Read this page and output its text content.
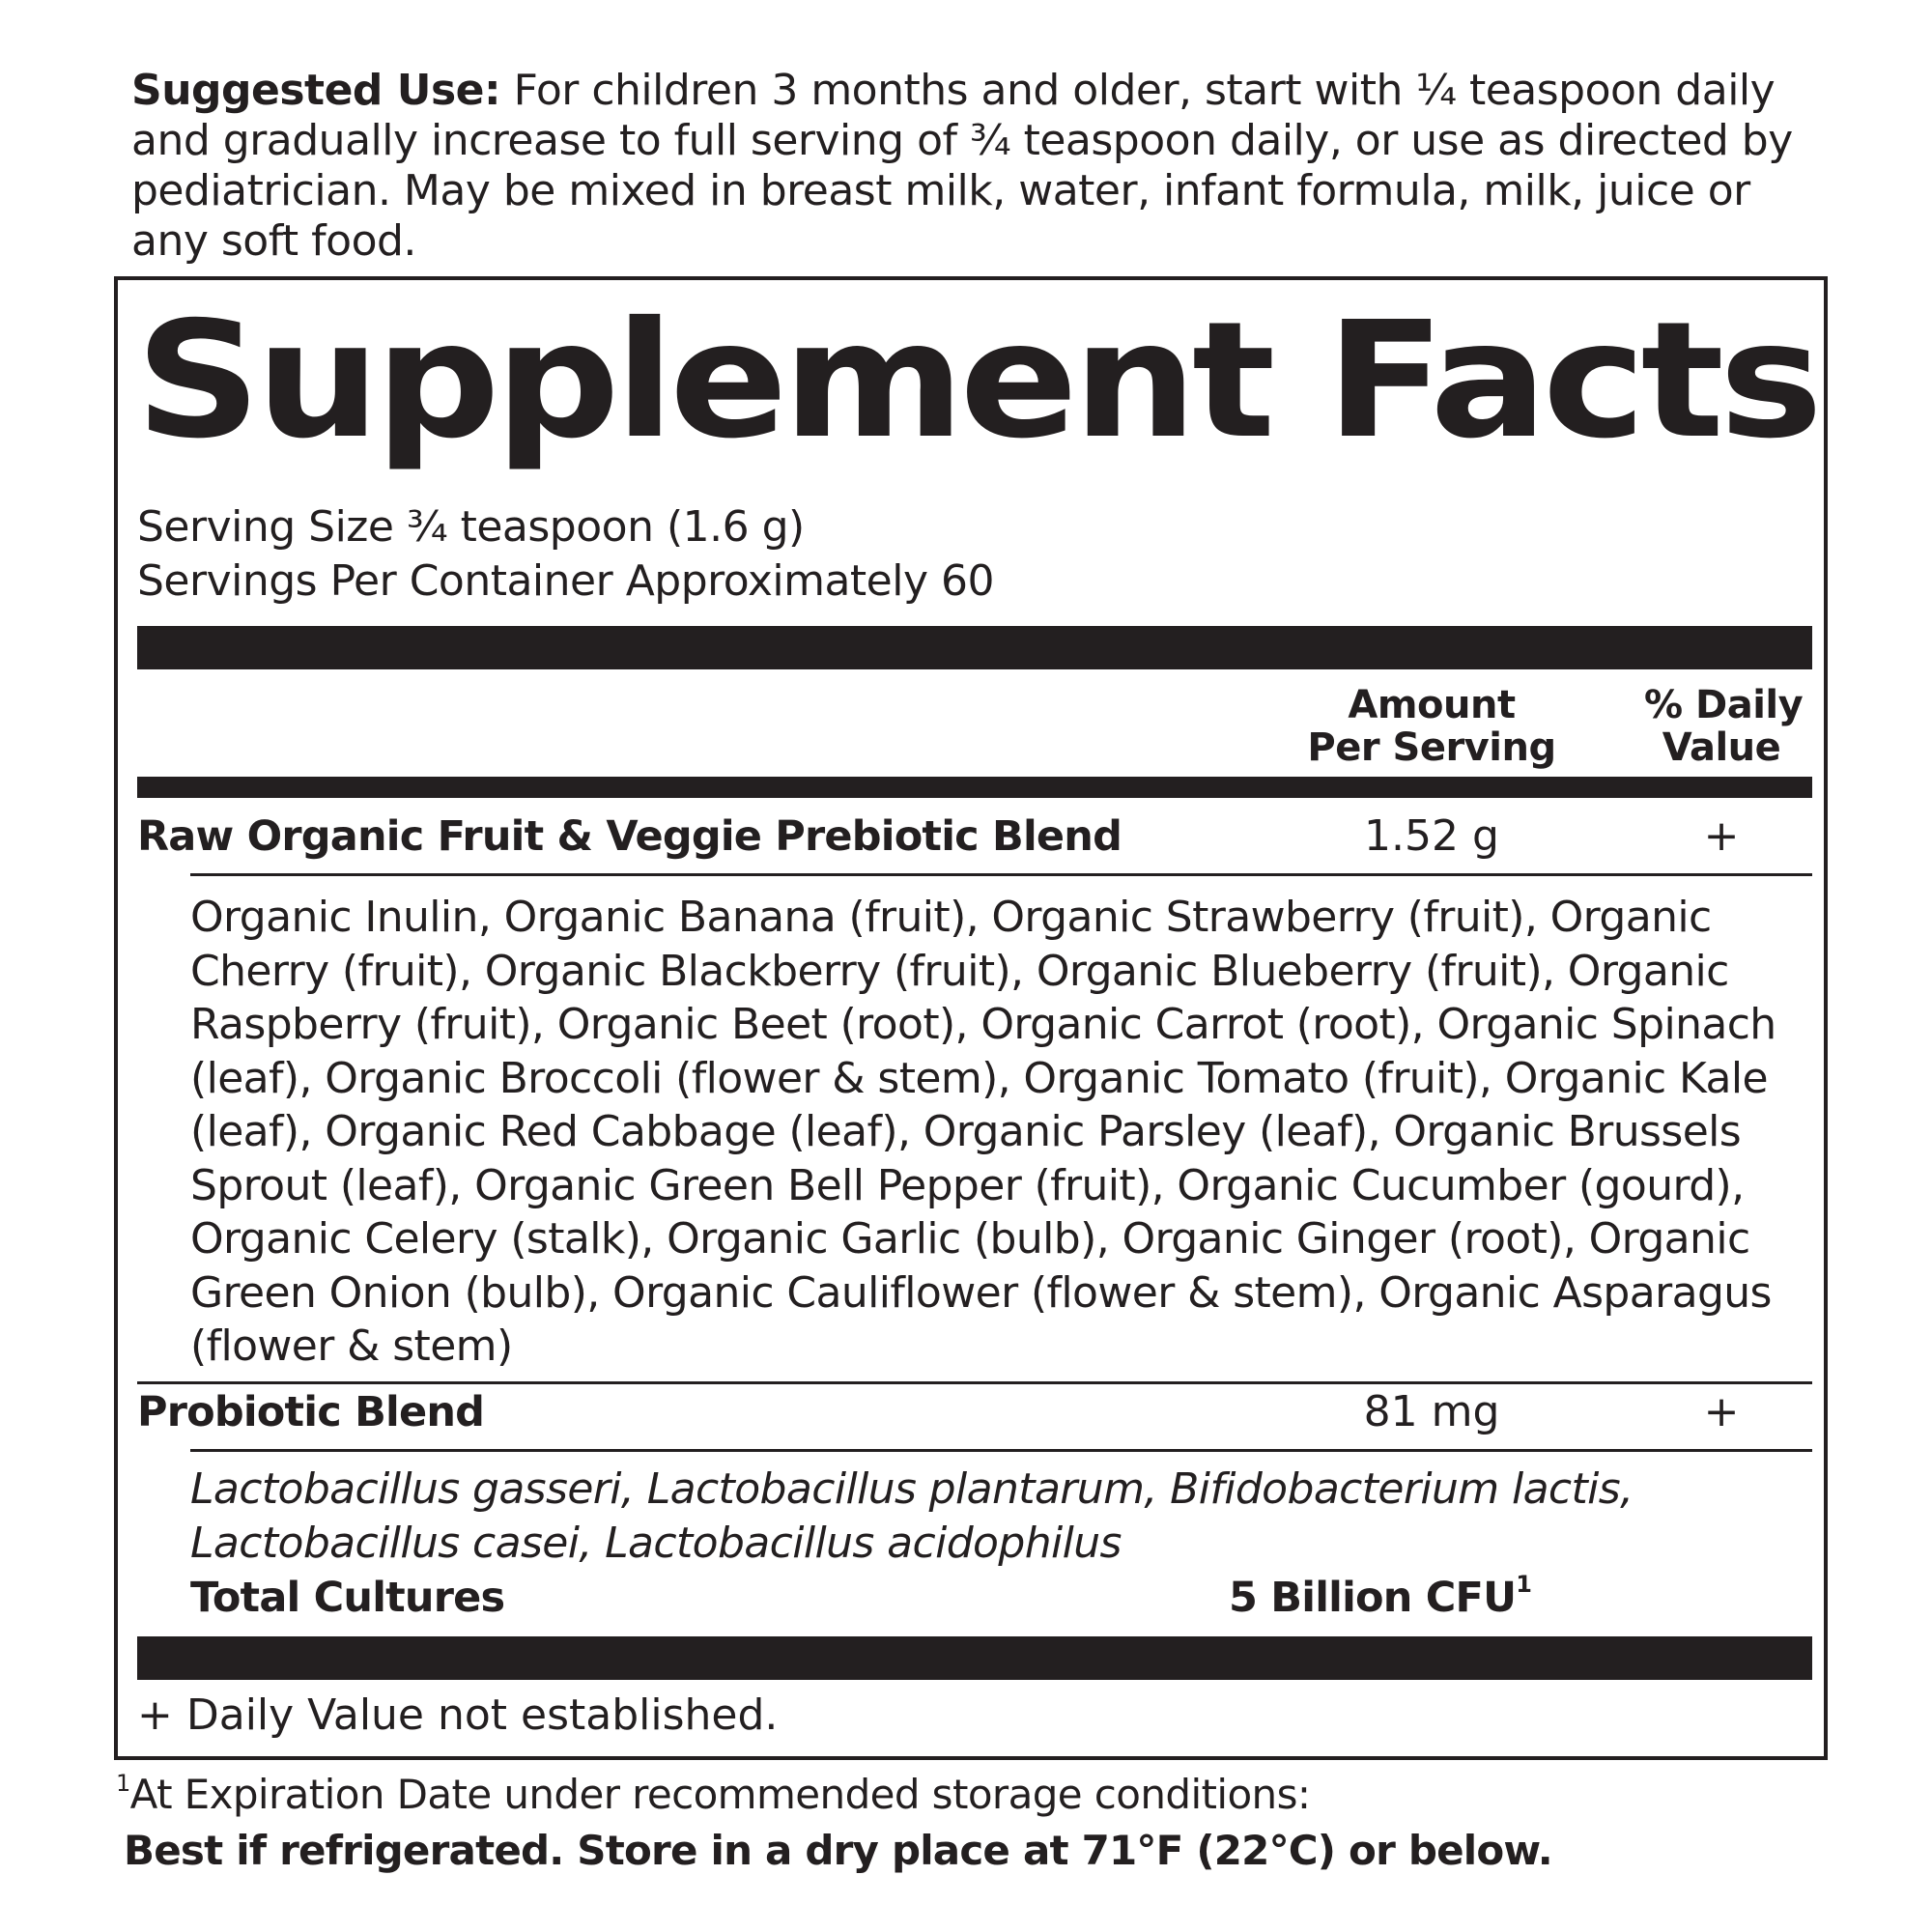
Suggested Use: For children 3 months and older, start with ¼ teaspoon daily and gradually increase to full serving of ¾ teaspoon daily, or use as directed by pediatrician. May be mixed in breast milk, water, infant formula, milk, juice or any soft food.
Supplement Facts
Serving Size ¾ teaspoon (1.6 g)
Servings Per Container Approximately 60
Amount
Per Serving
% Daily
Value
Raw Organic Fruit & Veggie Prebiotic Blend	1.52 g	+
Organic Inulin, Organic Banana (fruit), Organic Strawberry (fruit), Organic Cherry (fruit), Organic Blackberry (fruit), Organic Blueberry (fruit), Organic Raspberry (fruit), Organic Beet (root), Organic Carrot (root), Organic Spinach (leaf), Organic Broccoli (flower & stem), Organic Tomato (fruit), Organic Kale (leaf), Organic Red Cabbage (leaf), Organic Parsley (leaf), Organic Brussels Sprout (leaf), Organic Green Bell Pepper (fruit), Organic Cucumber (gourd), Organic Celery (stalk), Organic Garlic (bulb), Organic Ginger (root), Organic Green Onion (bulb), Organic Cauliflower (flower & stem), Organic Asparagus (flower & stem)
Probiotic Blend	81 mg	+
Lactobacillus gasseri, Lactobacillus plantarum, Bifidobacterium lactis, Lactobacillus casei, Lactobacillus acidophilus
Total Cultures	5 Billion $CFU^1$
+ Daily Value not established.
$^1$At Expiration Date under recommended storage conditions:
Best if refrigerated. Store in a dry place at 71°F (22°C) or below.
